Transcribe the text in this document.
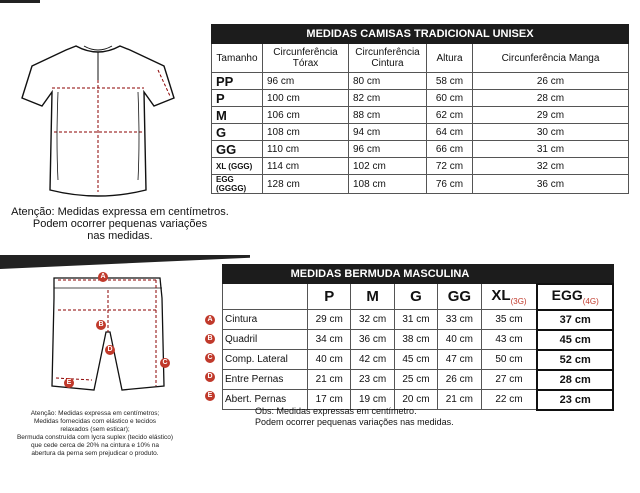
MEDIDAS CAMISAS TRADICIONAL UNISEX				
Tamanho	Circunferência Tórax	Circunferência Cintura	Altura	Circunferência Manga
PP	96 cm	80 cm	58 cm	26 cm
P	100 cm	82 cm	60 cm	28 cm
M	106 cm	88 cm	62 cm	29 cm
G	108 cm	94 cm	64 cm	30 cm
GG	110 cm	96 cm	66 cm	31 cm
XL (GGG)	114 cm	102 cm	72 cm	32 cm
EGG (GGGG)	128 cm	108 cm	76 cm	36 cm
Atenção: Medidas expressa em centímetros.
Podem ocorrer pequenas variações
nas medidas.
A
B
C
D
E
MEDIDAS BERMUDA MASCULINA						
	P	M	G	GG	$XL_{(3G)}$	$EGG_{(4G)}$
Cintura	29 cm	32 cm	31 cm	33 cm	35 cm	37 cm
Quadril	34 cm	36 cm	38 cm	40 cm	43 cm	45 cm
Comp. Lateral	40 cm	42 cm	45 cm	47 cm	50 cm	52 cm
Entre Pernas	21 cm	23 cm	25 cm	26 cm	27 cm	28 cm
Abert. Pernas	17 cm	19 cm	20 cm	21 cm	22 cm	23 cm
A
B
C
D
E
Obs: Medidas expressas em centímetro.
Podem ocorrer pequenas variações nas medidas.
Atenção: Medidas expressa em centímetros;
Medidas fornecidas com elástico e tecidos
relaxados (sem esticar);
Bermuda construída com lycra suplex (tecido elástico)
que cede cerca de 20% na cintura e 10% na
abertura da perna sem prejudicar o produto.
